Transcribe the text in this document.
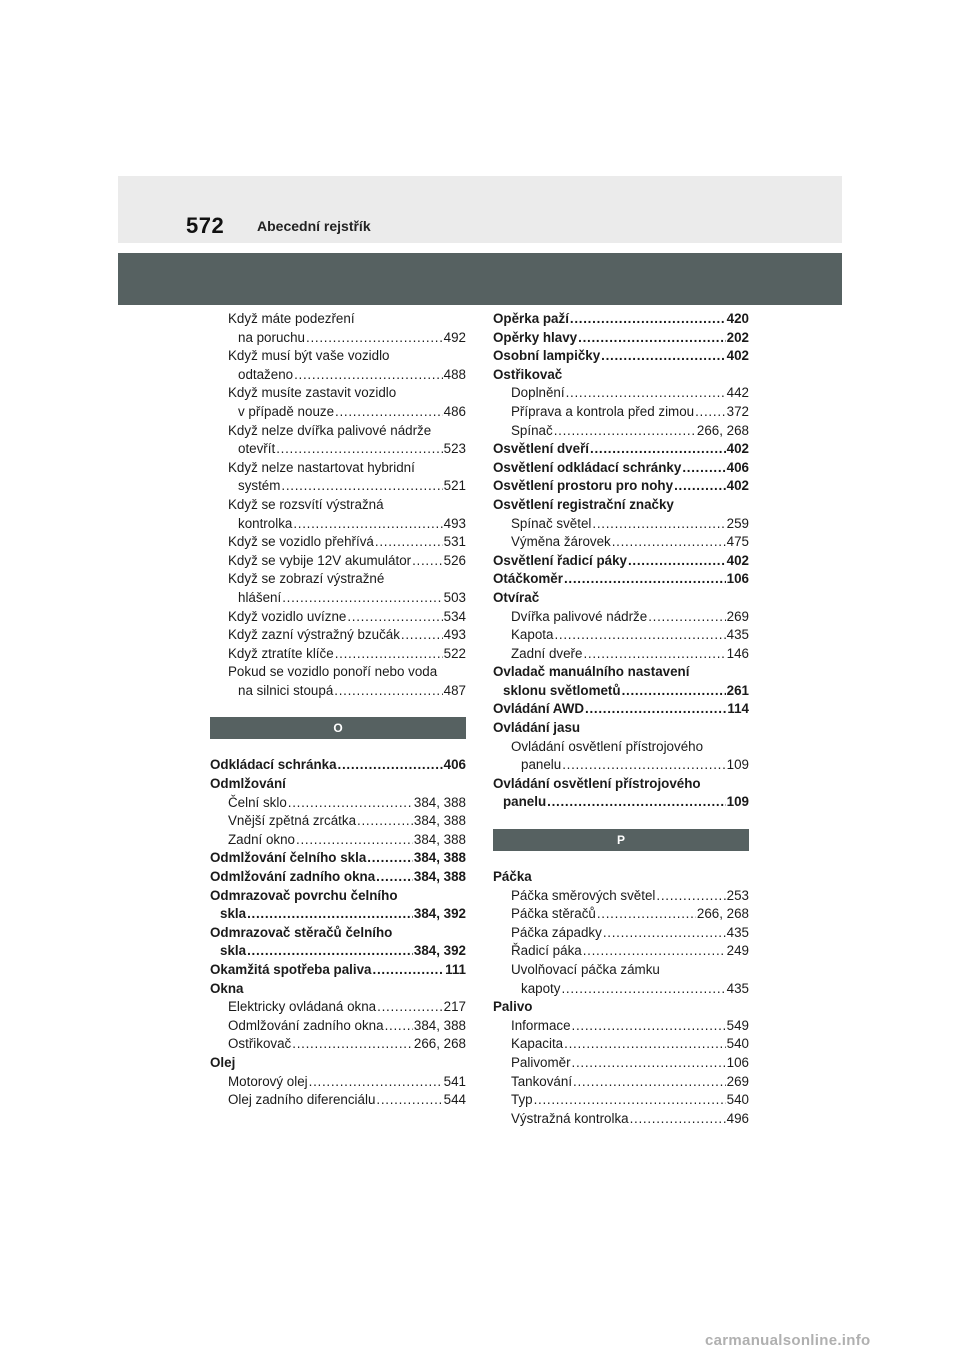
572 Abecední rejstřík
Když máte podezření
na poruchu . . .	492
Když musí být vaše vozidlo
odtaženo . . .	488
Když musíte zastavit vozidlo
v případě nouze . . .	486
Když nelze dvířka palivové nádrže
otevřít . . .	523
Když nelze nastartovat hybridní
systém . . .	521
Když se rozsvítí výstražná
kontrolka . . .	493
Když se vozidlo přehřívá . . .	531
Když se vybije 12V akumulátor . . . 526
Když se zobrazí výstražné
hlášení . . .	503
Když vozidlo uvízne . . .	534
Když zazní výstražný bzučák . . .	493
Když ztratíte klíče . . .	522
Pokud se vozidlo ponoří nebo voda
na silnici stoupá . . .	487
O
Odkládací schránka . . .	406
Odmlžování
Čelní sklo . . .	384, 388
Vnější zpětná zrcátka . . .	384, 388
Zadní okno . . .	384, 388
Odmlžování čelního skla . . .	384, 388
Odmlžování zadního okna . . .	384, 388
Odmrazovač povrchu čelního
skla . . .	384, 392
Odmrazovač stěračů čelního
skla . . .	384, 392
Okamžitá spotřeba paliva . . .	111
Okna
Elektricky ovládaná okna . . .	217
Odmlžování zadního okna . . . 384, 388
Ostřikovač . . .	266, 268
Olej
Motorový olej . . .	541
Olej zadního diferenciálu . . .	544
Opěrka paží . . .	420
Opěrky hlavy . . .	202
Osobní lampičky . . .	402
Ostřikovač
Doplnění . . .	442
Příprava a kontrola před zimou . . . 372
Spínač . . .	266, 268
Osvětlení dveří . . .	402
Osvětlení odkládací schránky . . .	406
Osvětlení prostoru pro nohy . . .	402
Osvětlení registrační značky
Spínač světel . . .	259
Výměna žárovek . . .	475
Osvětlení řadicí páky . . .	402
Otáčkoměr . . .	106
Otvírač
Dvířka palivové nádrže . . .	269
Kapota . . .	435
Zadní dveře . . .	146
Ovladač manuálního nastavení
sklonu světlometů . . .	261
Ovládání AWD . . .	114
Ovládání jasu
Ovládání osvětlení přístrojového
panelu . . .	109
Ovládání osvětlení přístrojového
panelu . . .	109
P
Páčka
Páčka směrových světel . . .	253
Páčka stěračů . . .	266, 268
Páčka západky . . .	435
Řadicí páka . . .	249
Uvolňovací páčka zámku
kapoty . . .	435
Palivo
Informace . . .	549
Kapacita . . .	540
Palivoměr . . .	106
Tankování . . .	269
Typ . . .	540
Výstražná kontrolka . . .	496
carmanualsonline.info
